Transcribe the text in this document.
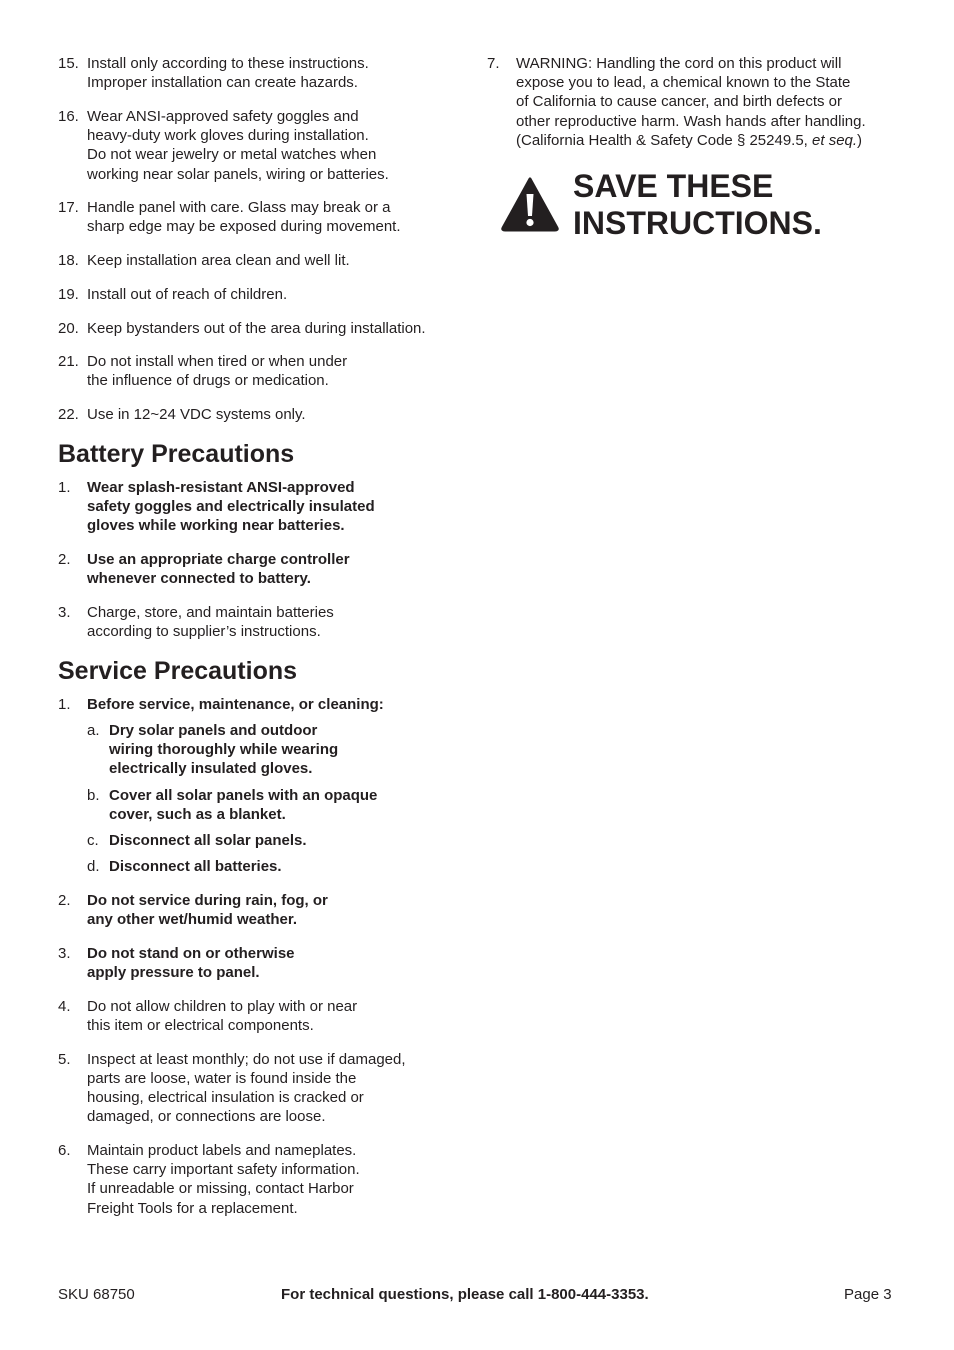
15. Install only according to these instructions.
Improper installation can create hazards.
16. Wear ANSI-approved safety goggles and
heavy-duty work gloves during installation.
Do not wear jewelry or metal watches when
working near solar panels, wiring or batteries.
17. Handle panel with care. Glass may break or a
sharp edge may be exposed during movement.
18. Keep installation area clean and well lit.
19. Install out of reach of children.
20. Keep bystanders out of the area during installation.
21. Do not install when tired or when under
the influence of drugs or medication.
22. Use in 12~24 VDC systems only.
Battery Precautions
1. Wear splash-resistant ANSI-approved
safety goggles and electrically insulated
gloves while working near batteries.
2. Use an appropriate charge controller
whenever connected to battery.
3. Charge, store, and maintain batteries
according to supplier’s instructions.
Service Precautions
1. Before service, maintenance, or cleaning:
a. Dry solar panels and outdoor
wiring thoroughly while wearing
electrically insulated gloves.
b. Cover all solar panels with an opaque
cover, such as a blanket.
c. Disconnect all solar panels.
d. Disconnect all batteries.
2. Do not service during rain, fog, or
any other wet/humid weather.
3. Do not stand on or otherwise
apply pressure to panel.
4. Do not allow children to play with or near
this item or electrical components.
5. Inspect at least monthly; do not use if damaged,
parts are loose, water is found inside the
housing, electrical insulation is cracked or
damaged, or connections are loose.
6. Maintain product labels and nameplates.
These carry important safety information.
If unreadable or missing, contact Harbor
Freight Tools for a replacement.
7. WARNING: Handling the cord on this product will
expose you to lead, a chemical known to the State
of California to cause cancer, and birth defects or
other reproductive harm. Wash hands after handling.
(California Health & Safety Code § 25249.5, et seq.)
SAVE THESE
INSTRUCTIONS.
SKU 68750	For technical questions, please call 1-800-444-3353.	Page 3
